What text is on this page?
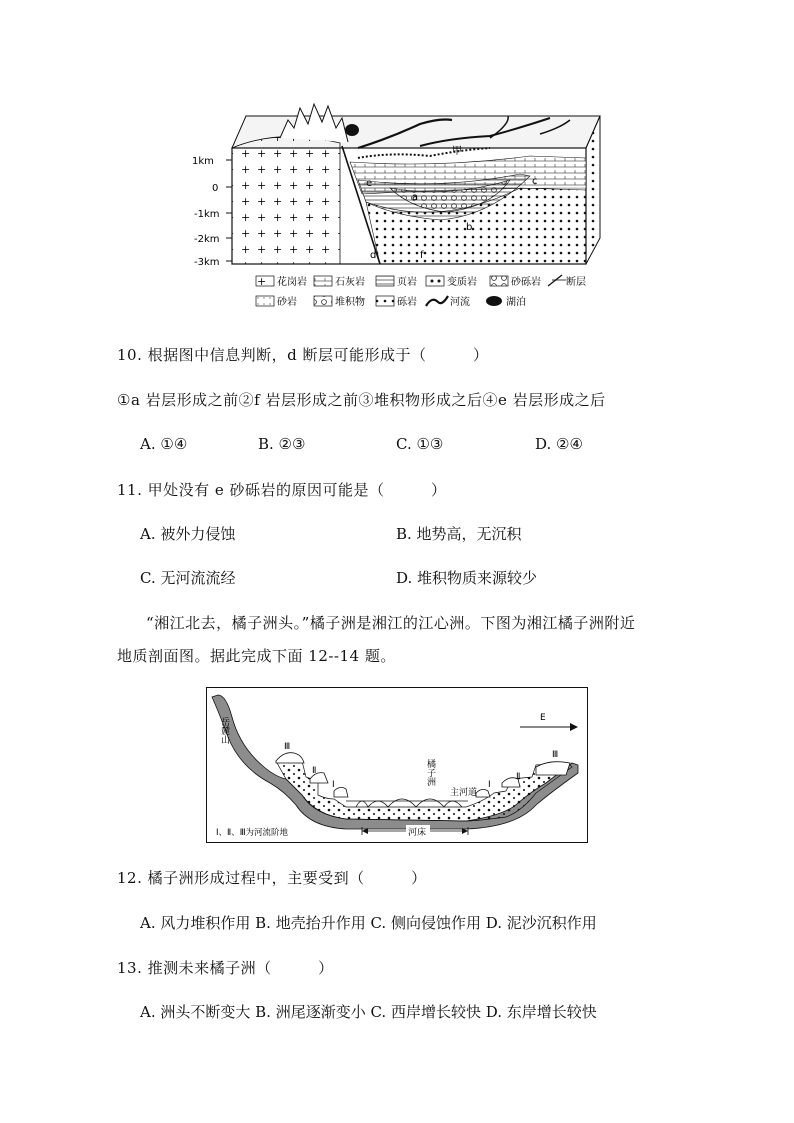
1km
0
-1km
-2km
-3km
甲
a
b
c
d
e
f
花岗岩	石灰岩	页岩	变质岩	砂砾岩	断层
砂岩	堆积物	砾岩	河流	湖泊
10. 根据图中信息判断，d 断层可能形成于（　　　）
①a 岩层形成之前②f 岩层形成之前③堆积物形成之后④e 岩层形成之后
A. ①④	B. ②③	C. ①③	D. ②④
11. 甲处没有 e 砂砾岩的原因可能是（　　　）
A. 被外力侵蚀	B. 地势高，无沉积
C. 无河流流经	D. 堆积物质来源较少
“湘江北去，橘子洲头。”橘子洲是湘江的江心洲。下图为湘江橘子洲附近
地质剖面图。据此完成下面 12--14 题。
E
河床
岳麓山
橘子洲
主河道
Ⅲ
Ⅱ
Ⅰ	Ⅰ
Ⅱ
Ⅲ
Ⅰ、Ⅱ、Ⅲ为河流阶地
12. 橘子洲形成过程中，主要受到（　　　）
A. 风力堆积作用 B. 地壳抬升作用 C. 侧向侵蚀作用 D. 泥沙沉积作用
13. 推测未来橘子洲（　　　）
A. 洲头不断变大 B. 洲尾逐渐变小 C. 西岸增长较快 D. 东岸增长较快
